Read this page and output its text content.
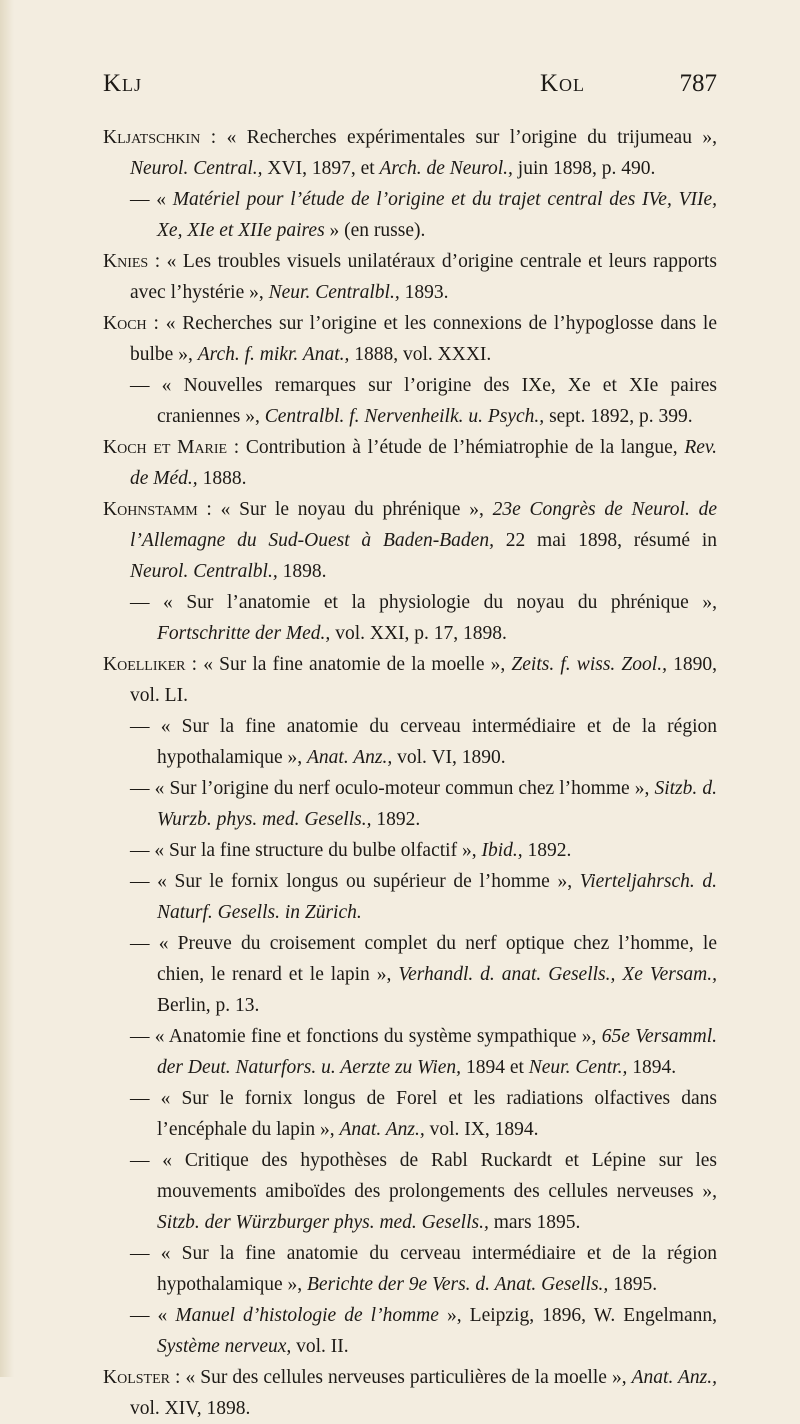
Klj	Kol	787

Kljatschkin : « Recherches expérimentales sur l’origine du trijumeau », Neurol. Central., XVI, 1897, et Arch. de Neurol., juin 1898, p. 490.

— « Matériel pour l’étude de l’origine et du trajet central des IVe, VIIe, Xe, XIe et XIIe paires » (en russe).

Knies : « Les troubles visuels unilatéraux d’origine centrale et leurs rapports avec l’hystérie », Neur. Centralbl., 1893.

Koch : « Recherches sur l’origine et les connexions de l’hypoglosse dans le bulbe », Arch. f. mikr. Anat., 1888, vol. XXXI.

— « Nouvelles remarques sur l’origine des IXe, Xe et XIe paires craniennes », Centralbl. f. Nervenheilk. u. Psych., sept. 1892, p. 399.

Koch et Marie : Contribution à l’étude de l’hémiatrophie de la langue, Rev. de Méd., 1888.

Kohnstamm : « Sur le noyau du phrénique », 23e Congrès de Neurol. de l’Allemagne du Sud-Ouest à Baden-Baden, 22 mai 1898, résumé in Neurol. Centralbl., 1898.

— « Sur l’anatomie et la physiologie du noyau du phrénique », Fortschritte der Med., vol. XXI, p. 17, 1898.

Koelliker : « Sur la fine anatomie de la moelle », Zeits. f. wiss. Zool., 1890, vol. LI.

— « Sur la fine anatomie du cerveau intermédiaire et de la région hypothalamique », Anat. Anz., vol. VI, 1890.

— « Sur l’origine du nerf oculo-moteur commun chez l’homme », Sitzb. d. Wurzb. phys. med. Gesells., 1892.

— « Sur la fine structure du bulbe olfactif », Ibid., 1892.

— « Sur le fornix longus ou supérieur de l’homme », Vierteljahrsch. d. Naturf. Gesells. in Zürich.

— « Preuve du croisement complet du nerf optique chez l’homme, le chien, le renard et le lapin », Verhandl. d. anat. Gesells., Xe Versam., Berlin, p. 13.

— « Anatomie fine et fonctions du système sympathique », 65e Versamml. der Deut. Naturfors. u. Aerzte zu Wien, 1894 et Neur. Centr., 1894.

— « Sur le fornix longus de Forel et les radiations olfactives dans l’encéphale du lapin », Anat. Anz., vol. IX, 1894.

— « Critique des hypothèses de Rabl Ruckardt et Lépine sur les mouvements amiboïdes des prolongements des cellules nerveuses », Sitzb. der Würzburger phys. med. Gesells., mars 1895.

— « Sur la fine anatomie du cerveau intermédiaire et de la région hypothalamique », Berichte der 9e Vers. d. Anat. Gesells., 1895.

— « Manuel d’histologie de l’homme », Leipzig, 1896, W. Engelmann, Système nerveux, vol. II.

Kolster : « Sur des cellules nerveuses particulières de la moelle », Anat. Anz., vol. XIV, 1898.
